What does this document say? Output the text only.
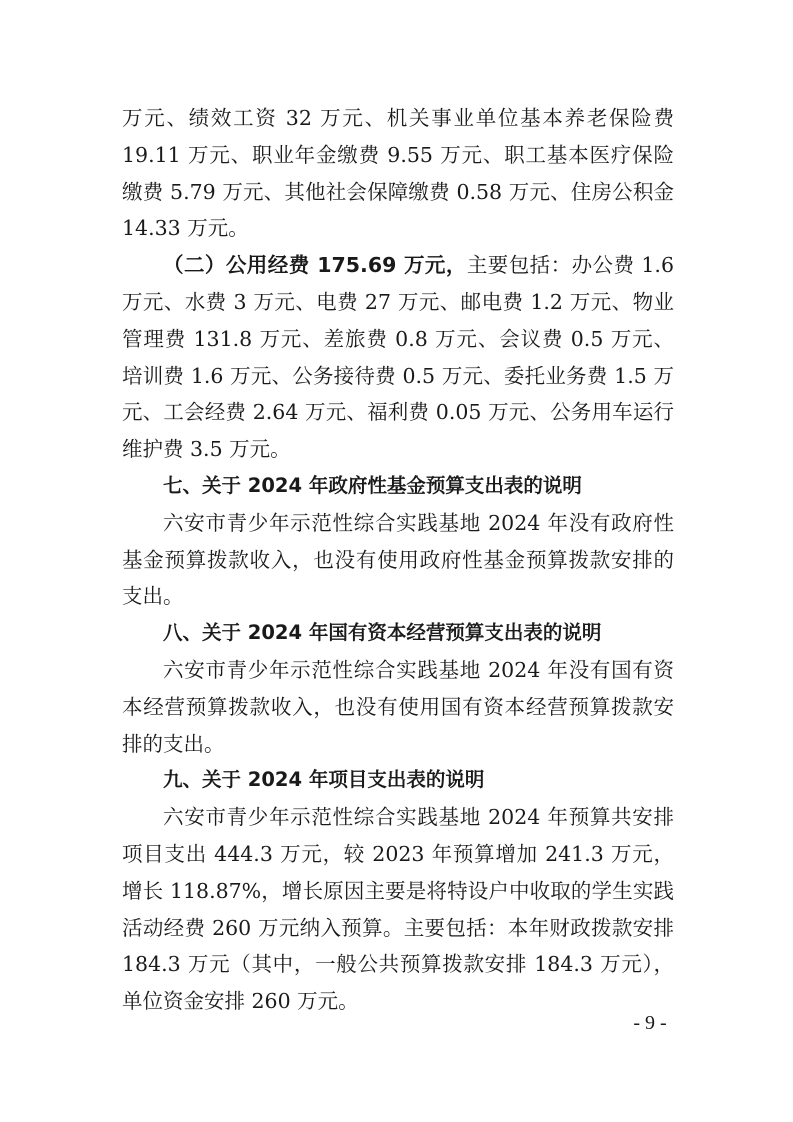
万元、绩效工资 32 万元、机关事业单位基本养老保险费 19.11 万元、职业年金缴费 9.55 万元、职工基本医疗保险缴费 5.79 万元、其他社会保障缴费 0.58 万元、住房公积金 14.33 万元。

（二）公用经费 175.69 万元，主要包括：办公费 1.6 万元、水费 3 万元、电费 27 万元、邮电费 1.2 万元、物业管理费 131.8 万元、差旅费 0.8 万元、会议费 0.5 万元、培训费 1.6 万元、公务接待费 0.5 万元、委托业务费 1.5 万元、工会经费 2.64 万元、福利费 0.05 万元、公务用车运行维护费 3.5 万元。

七、关于 2024 年政府性基金预算支出表的说明

六安市青少年示范性综合实践基地 2024 年没有政府性基金预算拨款收入，也没有使用政府性基金预算拨款安排的支出。

八、关于 2024 年国有资本经营预算支出表的说明

六安市青少年示范性综合实践基地 2024 年没有国有资本经营预算拨款收入，也没有使用国有资本经营预算拨款安排的支出。

九、关于 2024 年项目支出表的说明

六安市青少年示范性综合实践基地 2024 年预算共安排项目支出 444.3 万元，较 2023 年预算增加 241.3 万元，增长 118.87%，增长原因主要是将特设户中收取的学生实践活动经费 260 万元纳入预算。主要包括：本年财政拨款安排 184.3 万元（其中，一般公共预算拨款安排 184.3 万元），单位资金安排 260 万元。

- 9 -
